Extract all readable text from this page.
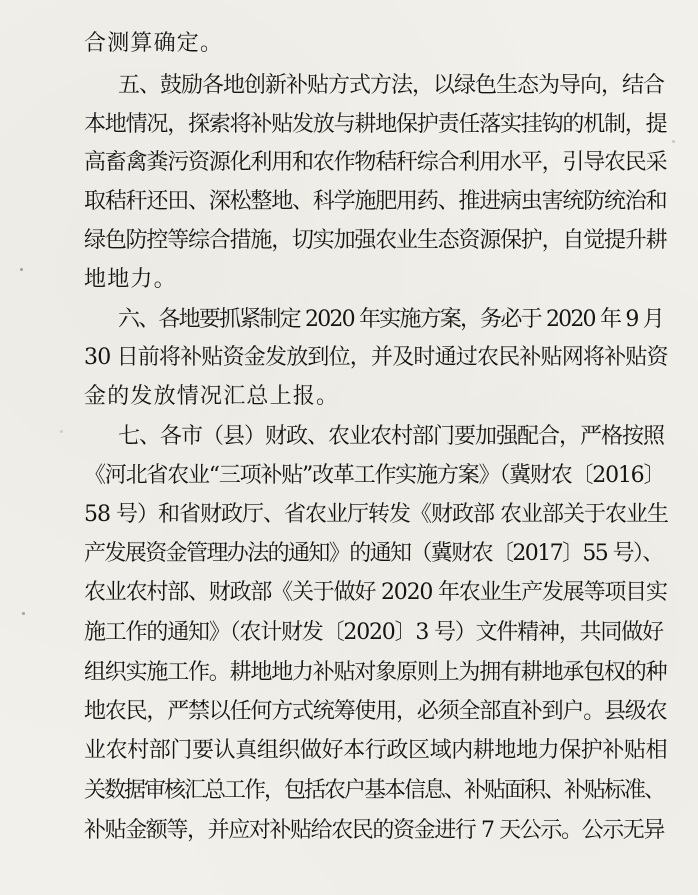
合测算确定。
五、鼓励各地创新补贴方式方法，以绿色生态为导向，结合
本地情况，探索将补贴发放与耕地保护责任落实挂钩的机制，提
高畜禽粪污资源化利用和农作物秸秆综合利用水平，引导农民采
取秸秆还田、深松整地、科学施肥用药、推进病虫害统防统治和
绿色防控等综合措施，切实加强农业生态资源保护，自觉提升耕
地地力。
六、各地要抓紧制定 2020 年实施方案，务必于 2020 年 9 月
30 日前将补贴资金发放到位，并及时通过农民补贴网将补贴资
金的发放情况汇总上报。
七、各市（县）财政、农业农村部门要加强配合，严格按照
《河北省农业“三项补贴”改革工作实施方案》（冀财农〔2016〕
58 号）和省财政厅、省农业厅转发《财政部 农业部关于农业生
产发展资金管理办法的通知》的通知（冀财农〔2017〕55 号）、
农业农村部、财政部《关于做好 2020 年农业生产发展等项目实
施工作的通知》（农计财发〔2020〕3 号）文件精神，共同做好
组织实施工作。耕地地力补贴对象原则上为拥有耕地承包权的种
地农民，严禁以任何方式统筹使用，必须全部直补到户。县级农
业农村部门要认真组织做好本行政区域内耕地地力保护补贴相
关数据审核汇总工作，包括农户基本信息、补贴面积、补贴标准、
补贴金额等，并应对补贴给农民的资金进行 7 天公示。公示无异
